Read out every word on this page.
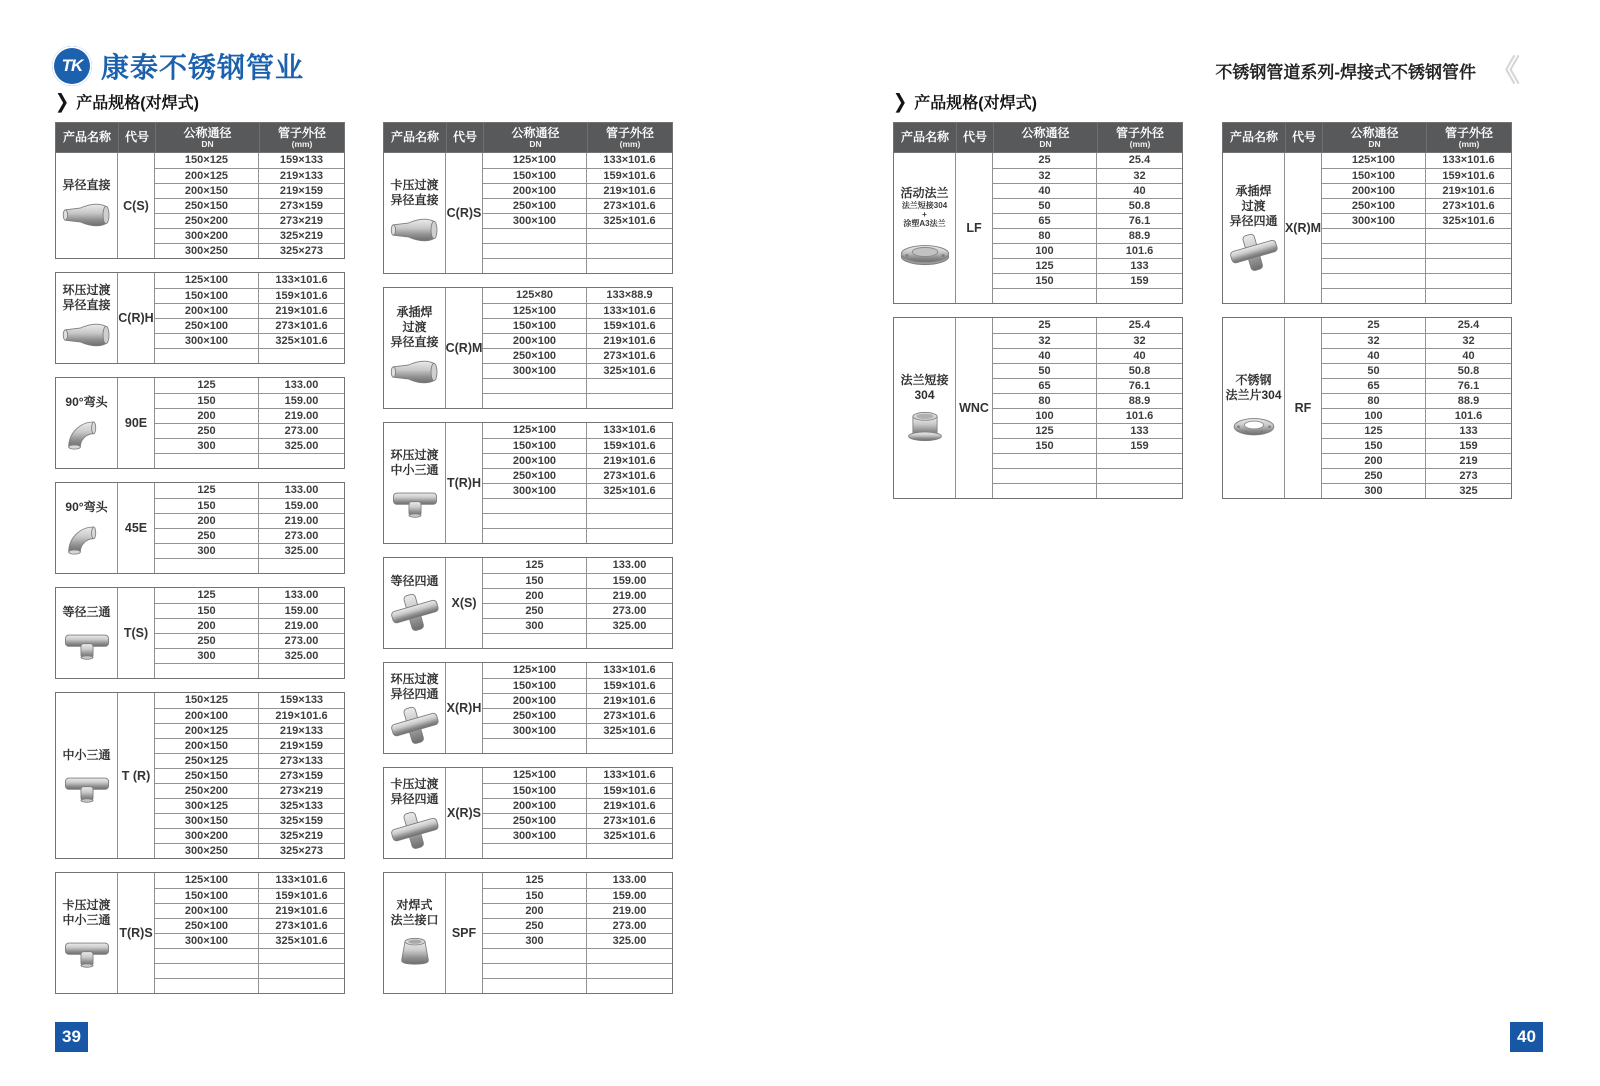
TK 康泰不锈钢管业	不锈钢管道系列-焊接式不锈钢管件 《
❯ 产品规格(对焊式)	❯ 产品规格(对焊式)
产品名称 代号	公称通径
DN
管子外径
(mm)
异径直接
C(S)
150×125	159×133
200×125	219×133
200×150	219×159
250×150	273×159
250×200	273×219
300×200	325×219
300×250	325×273
环压过渡
异径直接
C(R)H
125×100	133×101.6
150×100	159×101.6
200×100	219×101.6
250×100	273×101.6
300×100	325×101.6
90°弯头
90E
125	133.00
150	159.00
200	219.00
250	273.00
300	325.00
90°弯头
45E
125	133.00
150	159.00
200	219.00
250	273.00
300	325.00
等径三通
T(S)
125	133.00
150	159.00
200	219.00
250	273.00
300	325.00
中小三通
T (R)
150×125	159×133
200×100	219×101.6
200×125	219×133
200×150	219×159
250×125	273×133
250×150	273×159
250×200	273×219
300×125	325×133
300×150	325×159
300×200	325×219
300×250	325×273
卡压过渡
中小三通
T(R)S
125×100	133×101.6
150×100	159×101.6
200×100	219×101.6
250×100	273×101.6
300×100	325×101.6
产品名称 代号	公称通径
DN
管子外径
(mm)
卡压过渡
异径直接
C(R)S
125×100	133×101.6
150×100	159×101.6
200×100	219×101.6
250×100	273×101.6
300×100	325×101.6
承插焊
过渡
异径直接 C(R)M
125×80	133×88.9
125×100	133×101.6
150×100	159×101.6
200×100	219×101.6
250×100	273×101.6
300×100	325×101.6
环压过渡
中小三通
T(R)H
125×100	133×101.6
150×100	159×101.6
200×100	219×101.6
250×100	273×101.6
300×100	325×101.6
等径四通
X(S)
125	133.00
150	159.00
200	219.00
250	273.00
300	325.00
环压过渡
异径四通
X(R)H
125×100	133×101.6
150×100	159×101.6
200×100	219×101.6
250×100	273×101.6
300×100	325×101.6
卡压过渡
异径四通
X(R)S
125×100	133×101.6
150×100	159×101.6
200×100	219×101.6
250×100	273×101.6
300×100	325×101.6
对焊式
法兰接口
SPF
125	133.00
150	159.00
200	219.00
250	273.00
300	325.00
产品名称 代号	公称通径
DN
管子外径
(mm)
活动法兰
法兰短接304
+
涂塑A3法兰	LF
25	25.4
32	32
40	40
50	50.8
65	76.1
80	88.9
100	101.6
125	133
150	159
法兰短接
304
WNC
25	25.4
32	32
40	40
50	50.8
65	76.1
80	88.9
100	101.6
125	133
150	159
产品名称 代号	公称通径
DN
管子外径
(mm)
承插焊
过渡
异径四通 X(R)M
125×100	133×101.6
150×100	159×101.6
200×100	219×101.6
250×100	273×101.6
300×100	325×101.6
不锈钢
法兰片304
RF
25	25.4
32	32
40	40
50	50.8
65	76.1
80	88.9
100	101.6
125	133
150	159
200	219
250	273
300	325
39	40
